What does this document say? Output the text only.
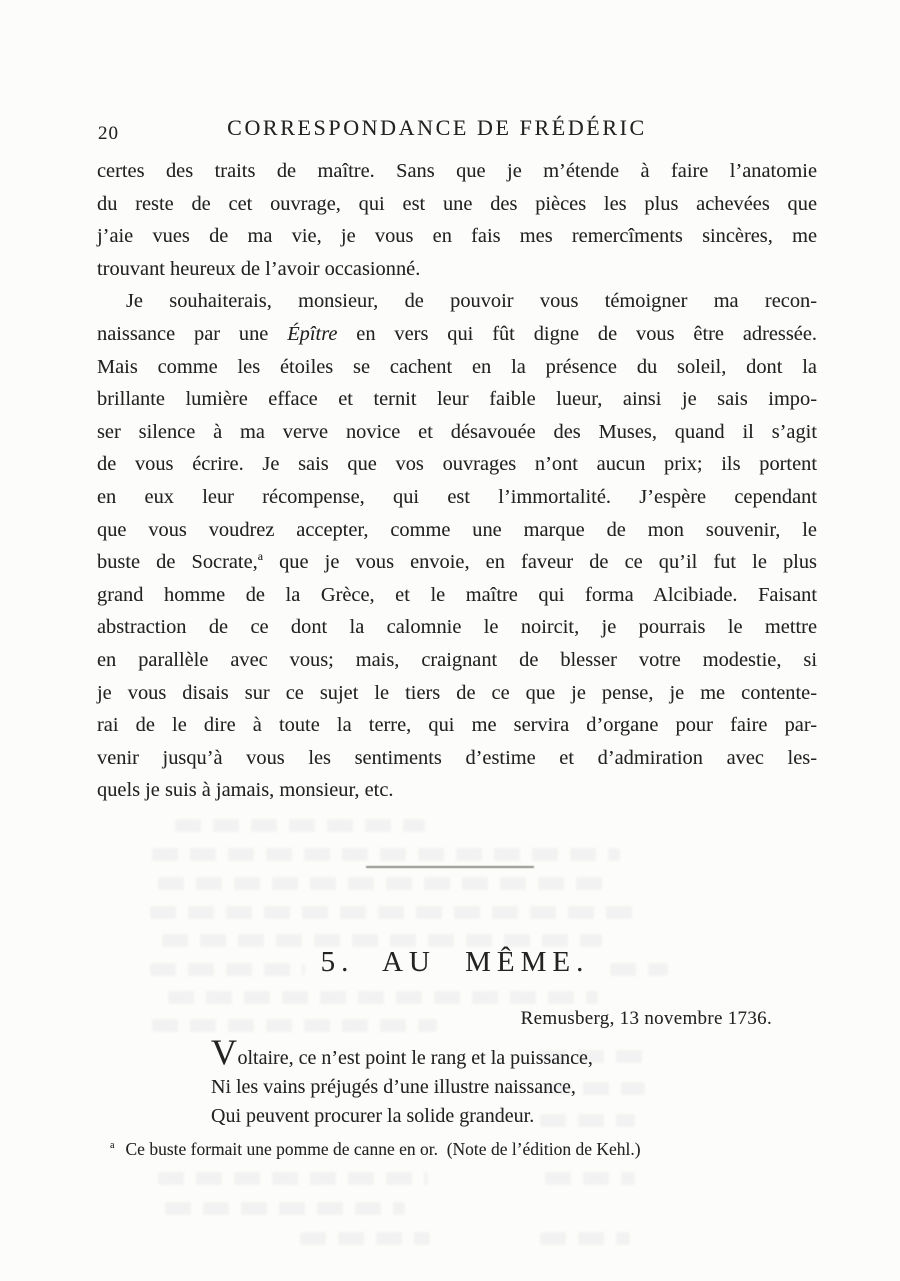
20	CORRESPONDANCE DE FRÉDÉRIC
certes des traits de maître. Sans que je m’étende à faire l’anatomie
du reste de cet ouvrage, qui est une des pièces les plus achevées que
j’aie vues de ma vie, je vous en fais mes remercîments sincères, me
trouvant heureux de l’avoir occasionné.
Je souhaiterais, monsieur, de pouvoir vous témoigner ma recon-
naissance par une Épître en vers qui fût digne de vous être adressée.
Mais comme les étoiles se cachent en la présence du soleil, dont la
brillante lumière efface et ternit leur faible lueur, ainsi je sais impo-
ser silence à ma verve novice et désavouée des Muses, quand il s’agit
de vous écrire. Je sais que vos ouvrages n’ont aucun prix; ils portent
en eux leur récompense, qui est l’immortalité. J’espère cependant
que vous voudrez accepter, comme une marque de mon souvenir, le
buste de Socrate,$^a$ que je vous envoie, en faveur de ce qu’il fut le plus
grand homme de la Grèce, et le maître qui forma Alcibiade. Faisant
abstraction de ce dont la calomnie le noircit, je pourrais le mettre
en parallèle avec vous; mais, craignant de blesser votre modestie, si
je vous disais sur ce sujet le tiers de ce que je pense, je me contente-
rai de le dire à toute la terre, qui me servira d’organe pour faire par-
venir jusqu’à vous les sentiments d’estime et d’admiration avec les-
quels je suis à jamais, monsieur, etc.
5. AU MÊME.
Remusberg, 13 novembre 1736.
Voltaire, ce n’est point le rang et la puissance,
Ni les vains préjugés d’une illustre naissance,
Qui peuvent procurer la solide grandeur.
$^a$ Ce buste formait une pomme de canne en or.  (Note de l’édition de Kehl.)
